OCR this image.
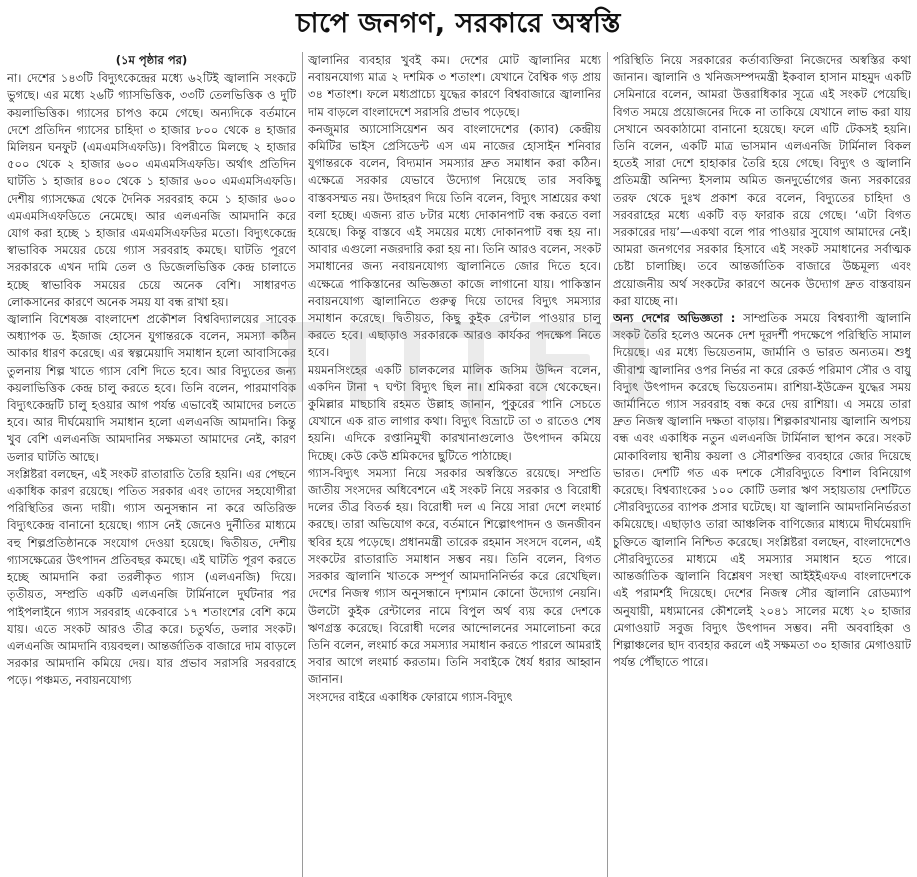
চাপে জনগণ, সরকারে অস্বস্তি

(১ম পৃষ্ঠার পর)

না। দেশের ১৪৩টি বিদ্যুৎকেন্দ্রের মধ্যে ৬২টিই জ্বালানি সংকটে ভুগছে। এর মধ্যে ২৬টি গ্যাসভিত্তিক, ৩৩টি তেলভিত্তিক ও দুটি কয়লাভিত্তিক। গ্যাসের চাপও কমে গেছে। অন্যদিকে বর্তমানে দেশে প্রতিদিন গ্যাসের চাহিদা ৩ হাজার ৮০০ থেকে ৪ হাজার মিলিয়ন ঘনফুট (এমএমসিএফডি)। বিপরীতে মিলছে ২ হাজার ৫০০ থেকে ২ হাজার ৬০০ এমএমসিএফডি। অর্থাৎ প্রতিদিন ঘাটতি ১ হাজার ৪০০ থেকে ১ হাজার ৬০০ এমএমসিএফডি। দেশীয় গ্যাসক্ষেত্র থেকে দৈনিক সরবরাহ কমে ১ হাজার ৬০০ এমএমসিএফডিতে নেমেছে। আর এলএনজি আমদানি করে যোগ করা হচ্ছে ১ হাজার এমএমসিএফডির মতো। বিদ্যুৎকেন্দ্রে স্বাভাবিক সময়ের চেয়ে গ্যাস সরবরাহ কমছে। ঘাটতি পূরণে সরকারকে এখন দামি তেল ও ডিজেলভিত্তিক কেন্দ্র চালাতে হচ্ছে স্বাভাবিক সময়ের চেয়ে অনেক বেশি। সাধারণত লোকসানের কারণে অনেক সময় যা বন্ধ রাখা হয়।

জ্বালানি বিশেষজ্ঞ বাংলাদেশ প্রকৌশল বিশ্ববিদ্যালয়ের সাবেক অধ্যাপক ড. ইজাজ হোসেন যুগান্তরকে বলেন, সমস্যা কঠিন আকার ধারণ করেছে। এর স্বল্পমেয়াদি সমাধান হলো আবাসিকের তুলনায় শিল্প খাতে গ্যাস বেশি দিতে হবে। আর বিদ্যুতের জন্য কয়লাভিত্তিক কেন্দ্র চালু করতে হবে। তিনি বলেন, পারমাণবিক বিদ্যুৎকেন্দ্রটি চালু হওয়ার আগ পর্যন্ত এভাবেই আমাদের চলতে হবে। আর দীর্ঘমেয়াদি সমাধান হলো এলএনজি আমদানি। কিন্তু খুব বেশি এলএনজি আমদানির সক্ষমতা আমাদের নেই, কারণ ডলার ঘাটতি আছে।

সংশ্লিষ্টরা বলছেন, এই সংকট রাতারাতি তৈরি হয়নি। এর পেছনে একাধিক কারণ রয়েছে। পতিত সরকার এবং তাদের সহযোগীরা পরিস্থিতির জন্য দায়ী। গ্যাস অনুসন্ধান না করে অতিরিক্ত বিদ্যুৎকেন্দ্র বানানো হয়েছে। গ্যাস নেই জেনেও দুর্নীতির মাধ্যমে বহু শিল্পপ্রতিষ্ঠানকে সংযোগ দেওয়া হয়েছে। দ্বিতীয়ত, দেশীয় গ্যাসক্ষেত্রের উৎপাদন প্রতিবছর কমছে। এই ঘাটতি পূরণ করতে হচ্ছে আমদানি করা তরলীকৃত গ্যাস (এলএনজি) দিয়ে। তৃতীয়ত, সম্প্রতি একটি এলএনজি টার্মিনালে দুর্ঘটনার পর পাইপলাইনে গ্যাস সরবরাহ একেবারে ১৭ শতাংশের বেশি কমে যায়। এতে সংকট আরও তীব্র করে। চতুর্থত, ডলার সংকট। এলএনজি আমদানি ব্যয়বহুল। আন্তর্জাতিক বাজারে দাম বাড়লে সরকার আমদানি কমিয়ে দেয়। যার প্রভাব সরাসরি সরবরাহে পড়ে। পঞ্চমত, নবায়নযোগ্য

জ্বালানির ব্যবহার খুবই কম। দেশের মোট জ্বালানির মধ্যে নবায়নযোগ্য মাত্র ২ দশমিক ৩ শতাংশ। যেখানে বৈশ্বিক গড় প্রায় ৩৪ শতাংশ। ফলে মধ্যপ্রাচ্যে যুদ্ধের কারণে বিশ্ববাজারে জ্বালানির দাম বাড়লে বাংলাদেশে সরাসরি প্রভাব পড়েছে।

কনজুমার অ্যাসোসিয়েশন অব বাংলাদেশের (ক্যাব) কেন্দ্রীয় কমিটির ভাইস প্রেসিডেন্ট এস এম নাজের হোসাইন শনিবার যুগান্তরকে বলেন, বিদ্যমান সমস্যার দ্রুত সমাধান করা কঠিন। এক্ষেত্রে সরকার যেভাবে উদ্যোগ নিয়েছে তার সবকিছু বাস্তবসম্মত নয়। উদাহরণ দিয়ে তিনি বলেন, বিদ্যুৎ সাশ্রয়ের কথা বলা হচ্ছে। এজন্য রাত ৮টার মধ্যে দোকানপাট বন্ধ করতে বলা হয়েছে। কিন্তু বাস্তবে এই সময়ের মধ্যে দোকানপাট বন্ধ হয় না। আবার এগুলো নজরদারি করা হয় না। তিনি আরও বলেন, সংকট সমাধানের জন্য নবায়নযোগ্য জ্বালানিতে জোর দিতে হবে। এক্ষেত্রে পাকিস্তানের অভিজ্ঞতা কাজে লাগানো যায়। পাকিস্তান নবায়নযোগ্য জ্বালানিতে গুরুত্ব দিয়ে তাদের বিদ্যুৎ সমস্যার সমাধান করেছে। দ্বিতীয়ত, কিছু কুইক রেন্টাল পাওয়ার চালু করতে হবে। এছাড়াও সরকারকে আরও কার্যকর পদক্ষেপ নিতে হবে।

ময়মনসিংহের একটি চালকলের মালিক জসিম উদ্দিন বলেন, একদিন টানা ৭ ঘণ্টা বিদ্যুৎ ছিল না। শ্রমিকরা বসে থেকেছেন। কুমিল্লার মাছচাষি রহমত উল্লাহ জানান, পুকুরের পানি সেচতে যেখানে এক রাত লাগার কথা। বিদ্যুৎ বিভ্রাটে তা ৩ রাতেও শেষ হয়নি। এদিকে রপ্তানিমুখী কারখানাগুলোও উৎপাদন কমিয়ে দিচ্ছে। কেউ কেউ শ্রমিকদের ছুটিতে পাঠাচ্ছে।

গ্যাস-বিদ্যুৎ সমস্যা নিয়ে সরকার অস্বস্তিতে রয়েছে। সম্প্রতি জাতীয় সংসদের অধিবেশনে এই সংকট নিয়ে সরকার ও বিরোধী দলের তীব্র বিতর্ক হয়। বিরোধী দল এ নিয়ে সারা দেশে লংমার্চ করছে। তারা অভিযোগ করে, বর্তমানে শিল্পোৎপাদন ও জনজীবন স্থবির হয়ে পড়েছে। প্রধানমন্ত্রী তারেক রহমান সংসদে বলেন, এই সংকটের রাতারাতি সমাধান সম্ভব নয়। তিনি বলেন, বিগত সরকার জ্বালানি খাতকে সম্পূর্ণ আমদানিনির্ভর করে রেখেছিল। দেশের নিজস্ব গ্যাস অনুসন্ধানে দৃশ্যমান কোনো উদ্যোগ নেয়নি। উলটো কুইক রেন্টালের নামে বিপুল অর্থ ব্যয় করে দেশকে ঋণগ্রস্ত করেছে। বিরোধী দলের আন্দোলনের সমালোচনা করে তিনি বলেন, লংমার্চ করে সমস্যার সমাধান করতে পারলে আমরাই সবার আগে লংমার্চ করতাম। তিনি সবাইকে ধৈর্য ধরার আহ্বান জানান।

সংসদের বাইরে একাধিক ফোরামে গ্যাস-বিদ্যুৎ

পরিস্থিতি নিয়ে সরকারের কর্তাব্যক্তিরা নিজেদের অস্বস্তির কথা জানান। জ্বালানি ও খনিজসম্পদমন্ত্রী ইকবাল হাসান মাহমুদ একটি সেমিনারে বলেন, আমরা উত্তরাধিকার সূত্রে এই সংকট পেয়েছি। বিগত সময়ে প্রয়োজনের দিকে না তাকিয়ে যেখানে লাভ করা যায় সেখানে অবকাঠামো বানানো হয়েছে। ফলে এটি টেকসই হয়নি। তিনি বলেন, একটি মাত্র ভাসমান এলএনজি টার্মিনাল বিকল হতেই সারা দেশে হাহাকার তৈরি হয়ে গেছে। বিদ্যুৎ ও জ্বালানি প্রতিমন্ত্রী অনিন্দ্য ইসলাম অমিত জনদুর্ভোগের জন্য সরকারের তরফ থেকে দুঃখ প্রকাশ করে বলেন, বিদ্যুতের চাহিদা ও সরবরাহের মধ্যে একটি বড় ফারাক রয়ে গেছে। ‘এটা বিগত সরকারের দায়’—একথা বলে পার পাওয়ার সুযোগ আমাদের নেই। আমরা জনগণের সরকার হিসাবে এই সংকট সমাধানের সর্বাত্মক চেষ্টা চালাচ্ছি। তবে আন্তর্জাতিক বাজারে উচ্চমূল্য এবং প্রয়োজনীয় অর্থ সংকটের কারণে অনেক উদ্যোগ দ্রুত বাস্তবায়ন করা যাচ্ছে না।

অন্য দেশের অভিজ্ঞতা : সাম্প্রতিক সময়ে বিশ্বব্যাপী জ্বালানি সংকট তৈরি হলেও অনেক দেশ দূরদর্শী পদক্ষেপে পরিস্থিতি সামাল দিয়েছে। এর মধ্যে ভিয়েতনাম, জার্মানি ও ভারত অন্যতম। শুধু জীবাশ্ম জ্বালানির ওপর নির্ভর না করে রেকর্ড পরিমাণ সৌর ও বায়ু বিদ্যুৎ উৎপাদন করেছে ভিয়েতনাম। রাশিয়া-ইউক্রেন যুদ্ধের সময় জার্মানিতে গ্যাস সরবরাহ বন্ধ করে দেয় রাশিয়া। এ সময়ে তারা দ্রুত নিজস্ব জ্বালানি দক্ষতা বাড়ায়। শিল্পকারখানায় জ্বালানি অপচয় বন্ধ এবং একাধিক নতুন এলএনজি টার্মিনাল স্থাপন করে। সংকট মোকাবিলায় স্থানীয় কয়লা ও সৌরশক্তির ব্যবহারে জোর দিয়েছে ভারত। দেশটি গত এক দশকে সৌরবিদ্যুতে বিশাল বিনিয়োগ করেছে। বিশ্বব্যাংকের ১০০ কোটি ডলার ঋণ সহায়তায় দেশটিতে সৌরবিদ্যুতের ব্যাপক প্রসার ঘটেছে। যা জ্বালানি আমদানিনির্ভরতা কমিয়েছে। এছাড়াও তারা আঞ্চলিক বাণিজ্যের মাধ্যমে দীর্ঘমেয়াদি চুক্তিতে জ্বালানি নিশ্চিত করেছে। সংশ্লিষ্টরা বলছেন, বাংলাদেশেও সৌরবিদ্যুতের মাধ্যমে এই সমস্যার সমাধান হতে পারে। আন্তর্জাতিক জ্বালানি বিশ্লেষণ সংস্থা আইইইএফএ বাংলাদেশকে এই পরামর্শই দিয়েছে। দেশের নিজস্ব সৌর জ্বালানি রোডম্যাপ অনুযায়ী, মধ্যমানের কৌশলেই ২০৪১ সালের মধ্যে ২০ হাজার মেগাওয়াট সবুজ বিদ্যুৎ উৎপাদন সম্ভব। নদী অববাহিকা ও শিল্পাঞ্চলের ছাদ ব্যবহার করলে এই সক্ষমতা ৩০ হাজার মেগাওয়াট পর্যন্ত পৌঁছাতে পারে।
